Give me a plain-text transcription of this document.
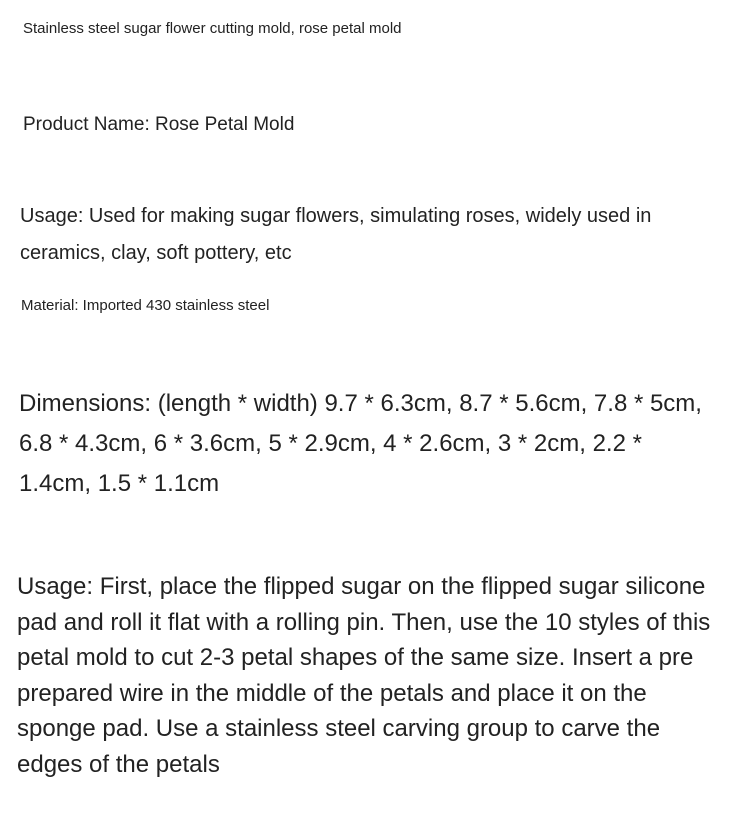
Stainless steel sugar flower cutting mold, rose petal mold

Product Name: Rose Petal Mold

Usage: Used for making sugar flowers, simulating roses, widely used in ceramics, clay, soft pottery, etc

Material: Imported 430 stainless steel

Dimensions: (length * width) 9.7 * 6.3cm, 8.7 * 5.6cm, 7.8 * 5cm, 6.8 * 4.3cm, 6 * 3.6cm, 5 * 2.9cm, 4 * 2.6cm, 3 * 2cm, 2.2 * 1.4cm, 1.5 * 1.1cm

Usage: First, place the flipped sugar on the flipped sugar silicone pad and roll it flat with a rolling pin. Then, use the 10 styles of this petal mold to cut 2-3 petal shapes of the same size. Insert a pre prepared wire in the middle of the petals and place it on the sponge pad. Use a stainless steel carving group to carve the edges of the petals
